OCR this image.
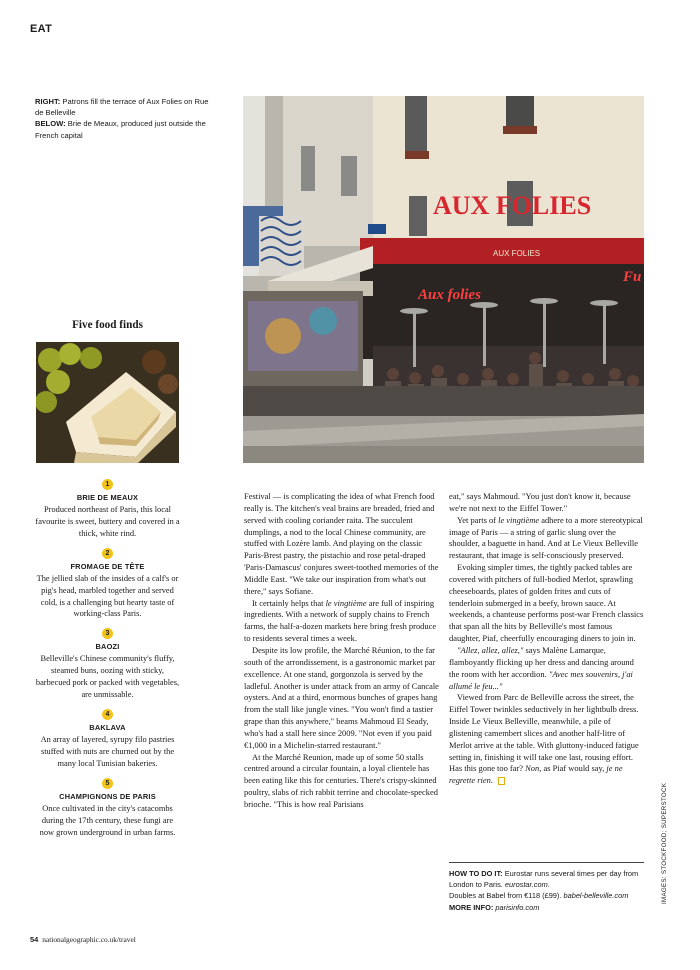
EAT
RIGHT: Patrons fill the terrace of Aux Folies on Rue de Belleville
BELOW: Brie de Meaux, produced just outside the French capital
AUX FOLIES
AUX FOLIES
Aux folies
Fu
Five food finds
1
BRIE DE MEAUX
Produced northeast of Paris, this local favourite is sweet, buttery and covered in a thick, white rind.
2
FROMAGE DE TÊTE
The jellied slab of the insides of a calf's or pig's head, marbled together and served cold, is a challenging but hearty taste of working-class Paris.
3
BAOZI
Belleville's Chinese community's fluffy, steamed buns, oozing with sticky, barbecued pork or packed with vegetables, are unmissable.
4
BAKLAVA
An array of layered, syrupy filo pastries stuffed with nuts are churned out by the many local Tunisian bakeries.
5
CHAMPIGNONS DE PARIS
Once cultivated in the city's catacombs during the 17th century, these fungi are now grown underground in urban farms.

Festival — is complicating the idea of what French food really is. The kitchen's veal brains are breaded, fried and served with cooling coriander raita. The succulent dumplings, a nod to the local Chinese community, are stuffed with Lozère lamb. And playing on the classic Paris-Brest pastry, the pistachio and rose petal-draped 'Paris-Damascus' conjures sweet-toothed memories of the Middle East. "We take our inspiration from what's out there," says Sofiane.

It certainly helps that le vingtième are full of inspiring ingredients. With a network of supply chains to French farms, the half-a-dozen markets here bring fresh produce to residents several times a week.

Despite its low profile, the Marché Réunion, to the far south of the arrondissement, is a gastronomic market par excellence. At one stand, gorgonzola is served by the ladleful. Another is under attack from an army of Cancale oysters. And at a third, enormous bunches of grapes hang from the stall like jungle vines. "You won't find a tastier grape than this anywhere," beams Mahmoud El Seady, who's had a stall here since 2009. "Not even if you paid €1,000 in a Michelin-starred restaurant."

At the Marché Reunion, made up of some 50 stalls centred around a circular fountain, a loyal clientele has been eating like this for centuries. There's crispy-skinned poultry, slabs of rich rabbit terrine and chocolate-specked brioche. "This is how real Parisians

eat," says Mahmoud. "You just don't know it, because we're not next to the Eiffel Tower."

Yet parts of le vingtième adhere to a more stereotypical image of Paris — a string of garlic slung over the shoulder, a baguette in hand. And at Le Vieux Belleville restaurant, that image is self-consciously preserved.

Evoking simpler times, the tightly packed tables are covered with pitchers of full-bodied Merlot, sprawling cheeseboards, plates of golden frites and cuts of tenderloin submerged in a beefy, brown sauce. At weekends, a chanteuse performs post-war French classics that span all the hits by Belleville's most famous daughter, Piaf, cheerfully encouraging diners to join in.

"Allez, allez, allez," says Malène Lamarque, flamboyantly flicking up her dress and dancing around the room with her accordion. "Avec mes souvenirs, j'ai allumé le feu..."

Viewed from Parc de Belleville across the street, the Eiffel Tower twinkles seductively in her lightbulb dress. Inside Le Vieux Belleville, meanwhile, a pile of glistening camembert slices and another half-litre of Merlot arrive at the table. With gluttony-induced fatigue setting in, finishing it will take one last, rousing effort. Has this gone too far? Non, as Piaf would say, je ne regrette rien.

HOW TO DO IT: Eurostar runs several times per day from London to Paris. eurostar.com.
Doubles at Babel from €118 (£99). babel-belleville.com
MORE INFO: parisinfo.com
IMAGES: STOCKFOOD; SUPERSTOCK
54 nationalgeographic.co.uk/travel
